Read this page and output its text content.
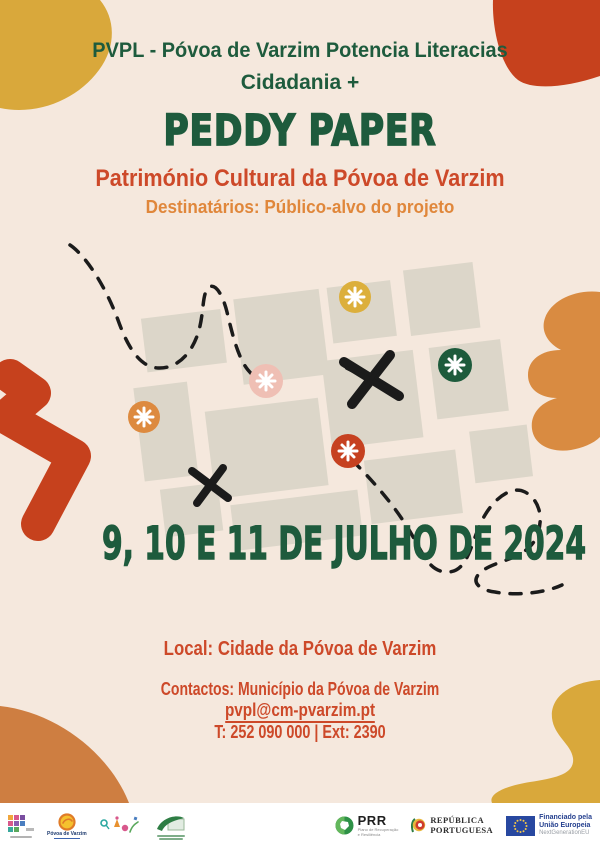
PVPL - Póvoa de Varzim Potencia Literacias
Cidadania +
PEDDY PAPER
Património Cultural da Póvoa de Varzim
Destinatários: Público-alvo do projeto
9, 10 E 11 DE JULHO DE 2024
Local: Cidade da Póvoa de Varzim
Contactos: Município da Póvoa de Varzim
pvpl@cm-pvarzim.pt
T: 252 090 000 | Ext: 2390
Póvoa de Varzim
PRR
Plano de Recuperação
e Resiliência
REPÚBLICA
PORTUGUESA
Financiado pela
União Europeia
NextGenerationEU
